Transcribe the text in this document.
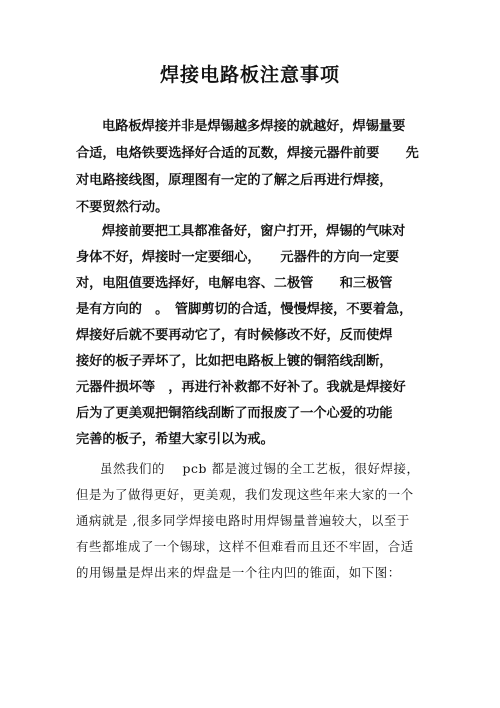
焊接电路板注意事项
电路板焊接并非是焊锡越多焊接的就越好，焊锡量要
合适，电烙铁要选择好合适的瓦数，焊接元器件前要　　先
对电路接线图，原理图有一定的了解之后再进行焊接，
不要贸然行动。
焊接前要把工具都准备好，窗户打开，焊锡的气味对
身体不好，焊接时一定要细心，　　元器件的方向一定要
对，电阻值要选择好，电解电容、二极管　　和三极管
是有方向的　。　管脚剪切的合适，慢慢焊接，不要着急，
焊接好后就不要再动它了，有时候修改不好，反而使焊
接好的板子弄坏了，比如把电路板上镀的铜箔线刮断，
元器件损坏等　，再进行补救都不好补了。我就是焊接好
后为了更美观把铜箔线刮断了而报废了一个心爱的功能
完善的板子，希望大家引以为戒。
虽然我们的　 pcb 都是渡过锡的全工艺板，很好焊接，
但是为了做得更好，更美观，我们发现这些年来大家的一个
通病就是 ,很多同学焊接电路时用焊锡量普遍较大，以至于
有些都堆成了一个锡球，这样不但难看而且还不牢固，合适
的用锡量是焊出来的焊盘是一个往内凹的锥面，如下图：
